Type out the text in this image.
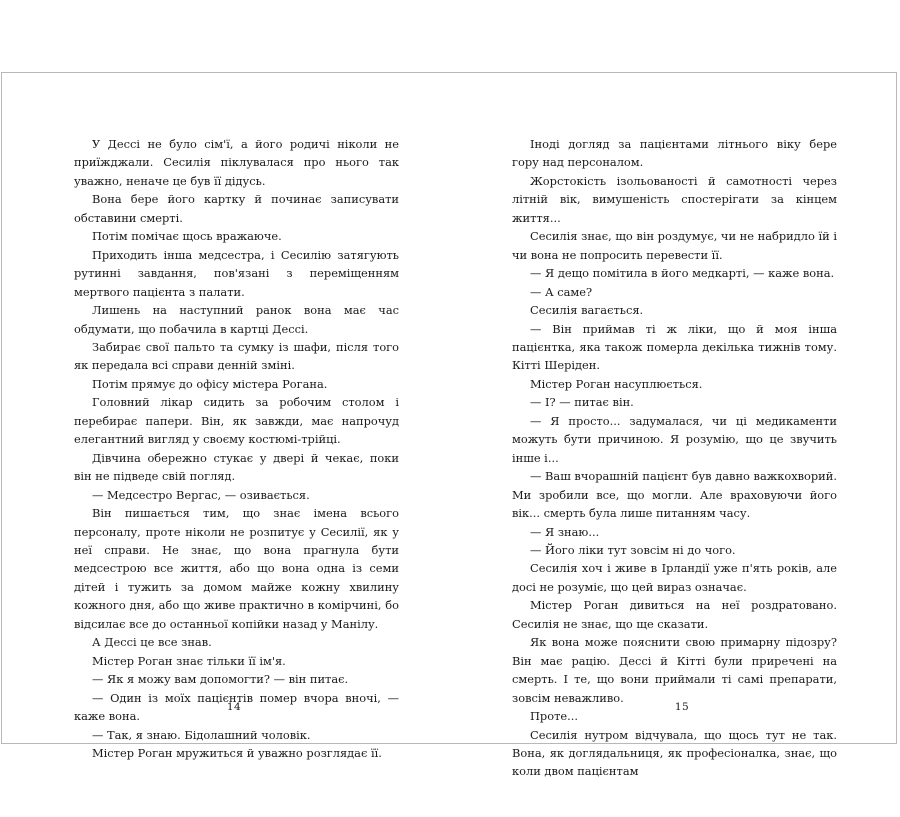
У Дессі не було сім'ї, а його родичі ніколи не приїжджали. Сесилія піклувалася про нього так уважно, неначе це був її дідусь.

Вона бере його картку й починає записувати обставини смерті.

Потім помічає щось вражаюче.

Приходить інша медсестра, і Сесилію затягують рутинні завдання, пов'язані з переміщенням мертвого пацієнта з палати.

Лишень на наступний ранок вона має час обдумати, що побачила в картці Дессі.

Забирає свої пальто та сумку із шафи, після того як передала всі справи денній зміні.

Потім прямує до офісу містера Рогана.

Головний лікар сидить за робочим столом і перебирає папери. Він, як завжди, має напрочуд елегантний вигляд у своєму костюмі-трійці.

Дівчина обережно стукає у двері й чекає, поки він не підведе свій погляд.

— Медсестро Вергас, — озивається.

Він пишається тим, що знає імена всього персоналу, проте ніколи не розпитує у Сесилії, як у неї справи. Не знає, що вона прагнула бути медсестрою все життя, або що вона одна із семи дітей і тужить за домом майже кожну хвилину кожного дня, або що живе практично в комірчині, бо відсилає все до останньої копійки назад у Манілу.

А Дессі це все знав.

Містер Роган знає тільки її ім'я.

— Як я можу вам допомогти? — він питає.

— Один із моїх пацієнтів помер вчора вночі, — каже вона.

— Так, я знаю. Бідолашний чоловік.

Містер Роган мружиться й уважно розглядає її.

14

Іноді догляд за пацієнтами літнього віку бере гору над персоналом.

Жорстокість ізольованості й самотності через літній вік, вимушеність спостерігати за кінцем життя...

Сесилія знає, що він роздумує, чи не набридло їй і чи вона не попросить перевести її.

— Я дещо помітила в його медкарті, — каже вона.

— А саме?

Сесилія вагається.

— Він приймав ті ж ліки, що й моя інша пацієнтка, яка також померла декілька тижнів тому. Кітті Шеріден.

Містер Роган насуплюється.

— І? — питає він.

— Я просто... задумалася, чи ці медикаменти можуть бути причиною. Я розумію, що це звучить інше і...

— Ваш вчорашній пацієнт був давно важкохворий. Ми зробили все, що могли. Але враховуючи його вік... смерть була лише питанням часу.

— Я знаю...

— Його ліки тут зовсім ні до чого.

Сесилія хоч і живе в Ірландії уже п'ять років, але досі не розуміє, що цей вираз означає.

Містер Роган дивиться на неї роздратовано. Сесилія не знає, що ще сказати.

Як вона може пояснити свою примарну підозру? Він має рацію. Дессі й Кітті були приречені на смерть. І те, що вони приймали ті самі препарати, зовсім неважливо.

Проте...

Сесилія нутром відчувала, що щось тут не так. Вона, як доглядальниця, як професіоналка, знає, що коли двом пацієнтам

15
